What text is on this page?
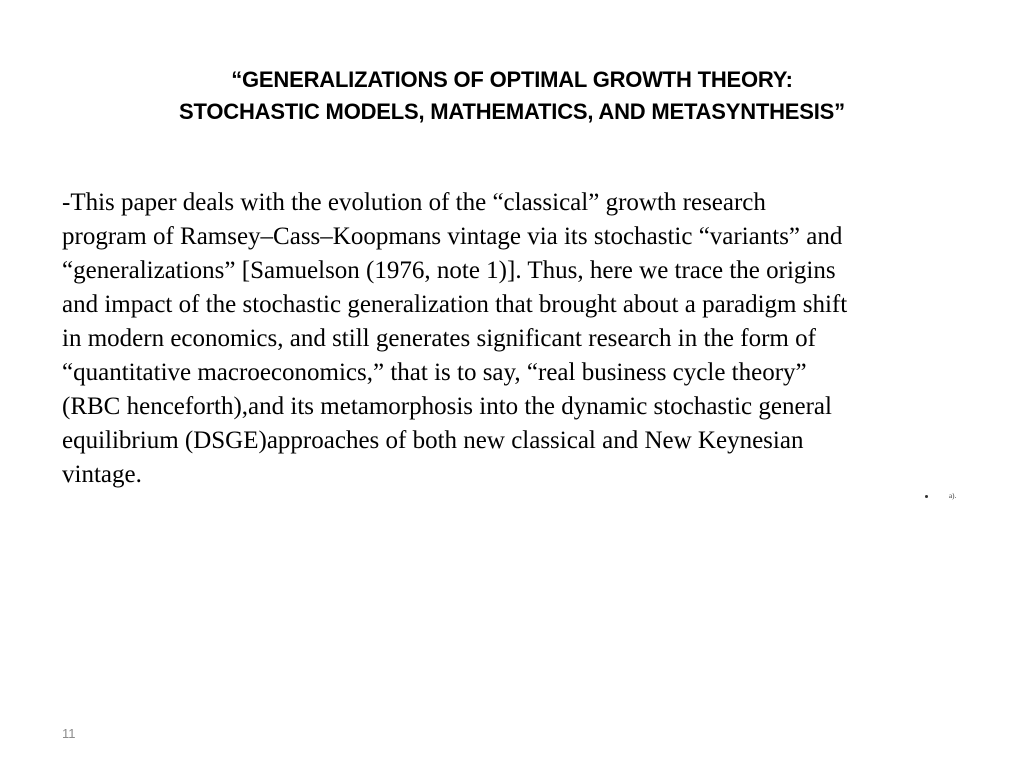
“GENERALIZATIONS OF OPTIMAL GROWTH THEORY:
STOCHASTIC MODELS, MATHEMATICS, AND METASYNTHESIS”
-This paper deals with the evolution of the “classical” growth research
program of Ramsey–Cass–Koopmans vintage via its stochastic “variants” and
“generalizations” [Samuelson (1976, note 1)]. Thus, here we trace the origins
and impact of the stochastic generalization that brought about a paradigm shift
in modern economics, and still generates significant research in the form of
“quantitative macroeconomics,” that is to say, “real business cycle theory”
(RBC henceforth),and its metamorphosis into the dynamic stochastic general
equilibrium (DSGE)approaches of both new classical and New Keynesian
vintage.
a).
11
